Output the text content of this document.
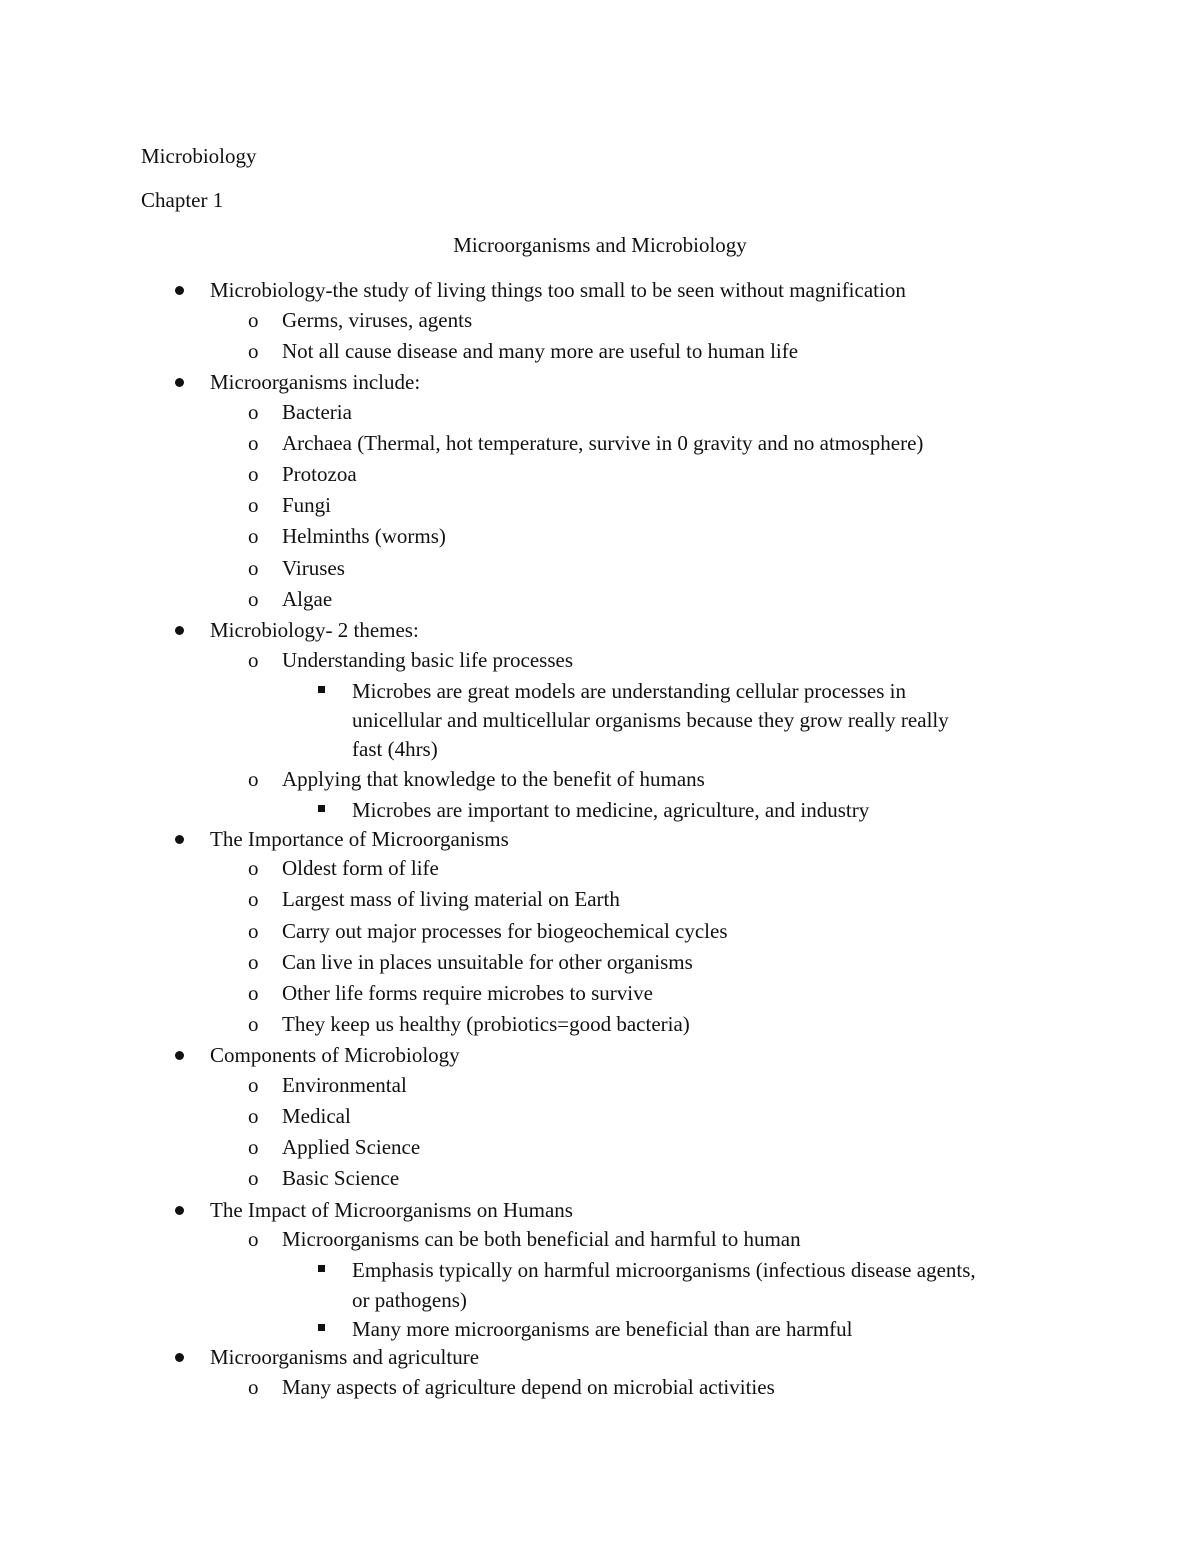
Microbiology
Chapter 1
Microorganisms and Microbiology
Microbiology-the study of living things too small to be seen without magnification
o Germs, viruses, agents
o Not all cause disease and many more are useful to human life
Microorganisms include:
o Bacteria
o Archaea (Thermal, hot temperature, survive in 0 gravity and no atmosphere)
o Protozoa
o Fungi
o Helminths (worms)
o Viruses
o Algae
Microbiology- 2 themes:
o Understanding basic life processes
Microbes are great models are understanding cellular processes in
unicellular and multicellular organisms because they grow really really
fast (4hrs)
o Applying that knowledge to the benefit of humans
Microbes are important to medicine, agriculture, and industry
The Importance of Microorganisms
o Oldest form of life
o Largest mass of living material on Earth
o Carry out major processes for biogeochemical cycles
o Can live in places unsuitable for other organisms
o Other life forms require microbes to survive
o They keep us healthy (probiotics=good bacteria)
Components of Microbiology
o Environmental
o Medical
o Applied Science
o Basic Science
The Impact of Microorganisms on Humans
o Microorganisms can be both beneficial and harmful to human
Emphasis typically on harmful microorganisms (infectious disease agents,
or pathogens)
Many more microorganisms are beneficial than are harmful
Microorganisms and agriculture
o Many aspects of agriculture depend on microbial activities
